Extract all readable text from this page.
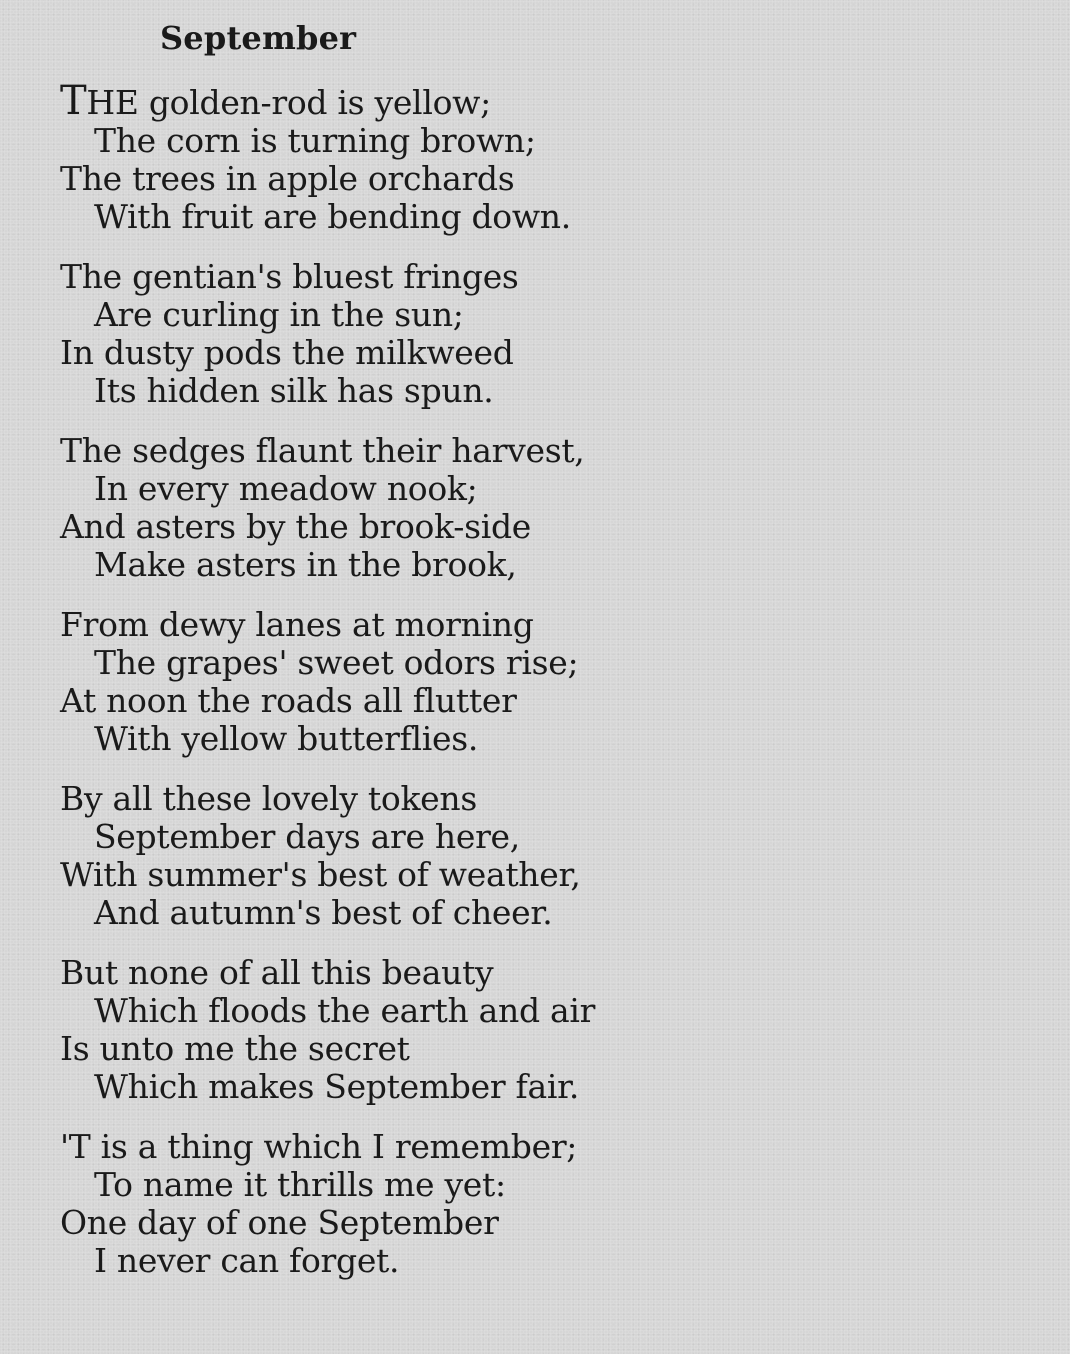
September
THE golden-rod is yellow;
The corn is turning brown;
The trees in apple orchards
With fruit are bending down.
The gentian's bluest fringes
Are curling in the sun;
In dusty pods the milkweed
Its hidden silk has spun.
The sedges flaunt their harvest,
In every meadow nook;
And asters by the brook-side
Make asters in the brook,
From dewy lanes at morning
The grapes' sweet odors rise;
At noon the roads all flutter
With yellow butterflies.
By all these lovely tokens
September days are here,
With summer's best of weather,
And autumn's best of cheer.
But none of all this beauty
Which floods the earth and air
Is unto me the secret
Which makes September fair.
'T is a thing which I remember;
To name it thrills me yet:
One day of one September
I never can forget.
